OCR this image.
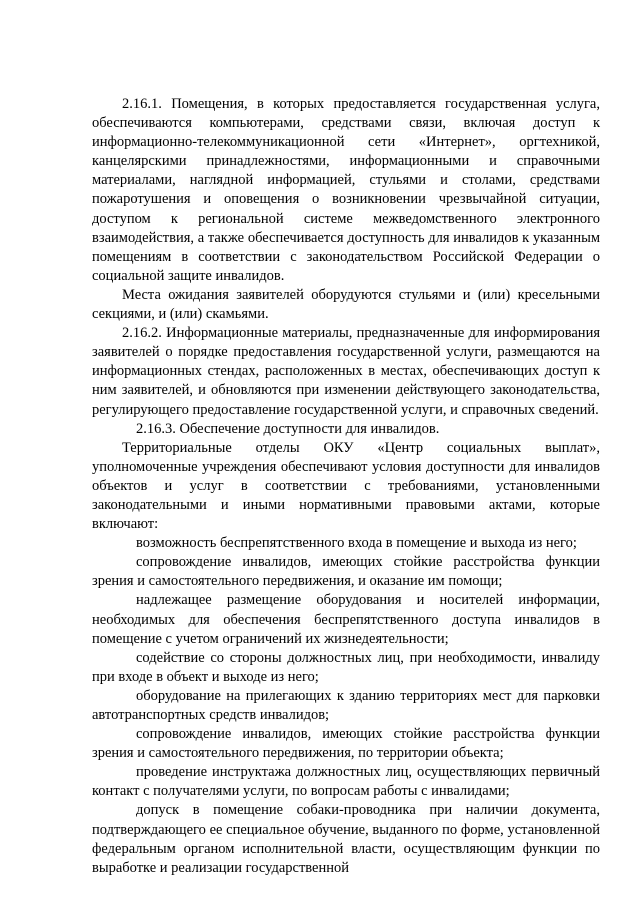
2.16.1. Помещения, в которых предоставляется государственная услуга, обеспечиваются компьютерами, средствами связи, включая доступ к информационно-телекоммуникационной сети «Интернет», оргтехникой, канцелярскими принадлежностями, информационными и справочными материалами, наглядной информацией, стульями и столами, средствами пожаротушения и оповещения о возникновении чрезвычайной ситуации, доступом к региональной системе межведомственного электронного взаимодействия, а также обеспечивается доступность для инвалидов к указанным помещениям в соответствии с законодательством Российской Федерации о социальной защите инвалидов.

Места ожидания заявителей оборудуются стульями и (или) кресельными секциями, и (или) скамьями.

2.16.2. Информационные материалы, предназначенные для информирования заявителей о порядке предоставления государственной услуги, размещаются на информационных стендах, расположенных в местах, обеспечивающих доступ к ним заявителей, и обновляются при изменении действующего законодательства, регулирующего предоставление государственной услуги, и справочных сведений.

2.16.3. Обеспечение доступности для инвалидов.

Территориальные отделы ОКУ «Центр социальных выплат», уполномоченные учреждения обеспечивают условия доступности для инвалидов объектов и услуг в соответствии с требованиями, установленными законодательными и иными нормативными правовыми актами, которые включают:

возможность беспрепятственного входа в помещение и выхода из него;

сопровождение инвалидов, имеющих стойкие расстройства функции зрения и самостоятельного передвижения, и оказание им помощи;

надлежащее размещение оборудования и носителей информации, необходимых для обеспечения беспрепятственного доступа инвалидов в помещение с учетом ограничений их жизнедеятельности;

содействие со стороны должностных лиц, при необходимости, инвалиду при входе в объект и выходе из него;

оборудование на прилегающих к зданию территориях мест для парковки автотранспортных средств инвалидов;

сопровождение инвалидов, имеющих стойкие расстройства функции зрения и самостоятельного передвижения, по территории объекта;

проведение инструктажа должностных лиц, осуществляющих первичный контакт с получателями услуги, по вопросам работы с инвалидами;

допуск в помещение собаки-проводника при наличии документа, подтверждающего ее специальное обучение, выданного по форме, установленной федеральным органом исполнительной власти, осуществляющим функции по выработке и реализации государственной
